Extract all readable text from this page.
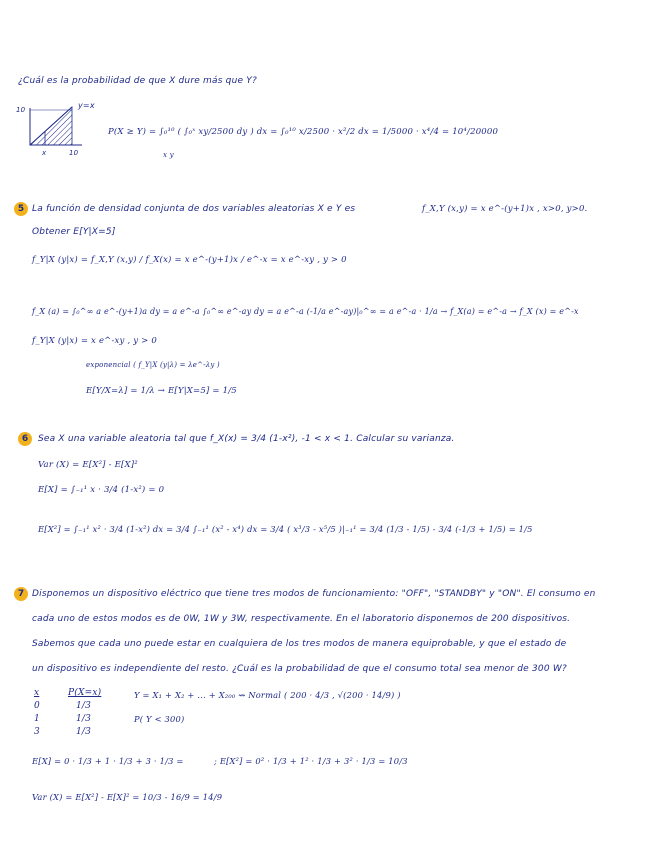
¿Cuál es la probabilidad de que X dure más que Y?
10	y=x
x	10
P(X ≥ Y) = ∫₀¹⁰ ( ∫₀ˣ xy/2500 dy ) dx = ∫₀¹⁰ x/2500 · x²/2 dx = 1/5000 · x⁴/4 = 10⁴/20000
x y
5 La función de densidad conjunta de dos variables aleatorias X e Y es	f_X,Y (x,y) = x e^-(y+1)x , x>0, y>0.
Obtener E[Y|X=5]
f_Y|X (y|x) = f_X,Y (x,y) / f_X(x) = x e^-(y+1)x / e^-x = x e^-xy , y > 0
f_X (a) = ∫₀^∞ a e^-(y+1)a dy = a e^-a ∫₀^∞ e^-ay dy = a e^-a (-1/a e^-ay)|₀^∞ = a e^-a · 1/a → f_X(a) = e^-a → f_X (x) = e^-x
f_Y|X (y|x) = x e^-xy , y > 0
exponencial ( f_Y|X (y|λ) = λe^-λy )
E[Y/X=λ] = 1/λ → E[Y|X=5] = 1/5
6	Sea X una variable aleatoria tal que f_X(x) = 3/4 (1-x²), -1 < x < 1. Calcular su varianza.
Var (X) = E[X²] - E[X]²
E[X] = ∫₋₁¹ x · 3/4 (1-x²) = 0
E[X²] = ∫₋₁¹ x² · 3/4 (1-x²) dx = 3/4 ∫₋₁¹ (x² - x⁴) dx = 3/4 ( x³/3 - x⁵/5 )|₋₁¹ = 3/4 (1/3 - 1/5) - 3/4 (-1/3 + 1/5) = 1/5
7 Disponemos un dispositivo eléctrico que tiene tres modos de funcionamiento: "OFF", "STANDBY" y "ON". El consumo en
cada uno de estos modos es de 0W, 1W y 3W, respectivamente. En el laboratorio disponemos de 200 dispositivos.
Sabemos que cada uno puede estar en cualquiera de los tres modos de manera equiprobable, y que el estado de
un dispositivo es independiente del resto. ¿Cuál es la probabilidad de que el consumo total sea menor de 300 W?
x	P(X=x)
0	1/3
1	1/3
3	1/3
Y = X₁ + X₂ + ... + X₂₀₀ ⇝ Normal ( 200 · 4/3 , √(200 · 14/9) )
P( Y < 300)
E[X] = 0 · 1/3 + 1 · 1/3 + 3 · 1/3 =	; E[X²] = 0² · 1/3 + 1² · 1/3 + 3² · 1/3 = 10/3
Var (X) = E[X²] - E[X]² = 10/3 - 16/9 = 14/9
